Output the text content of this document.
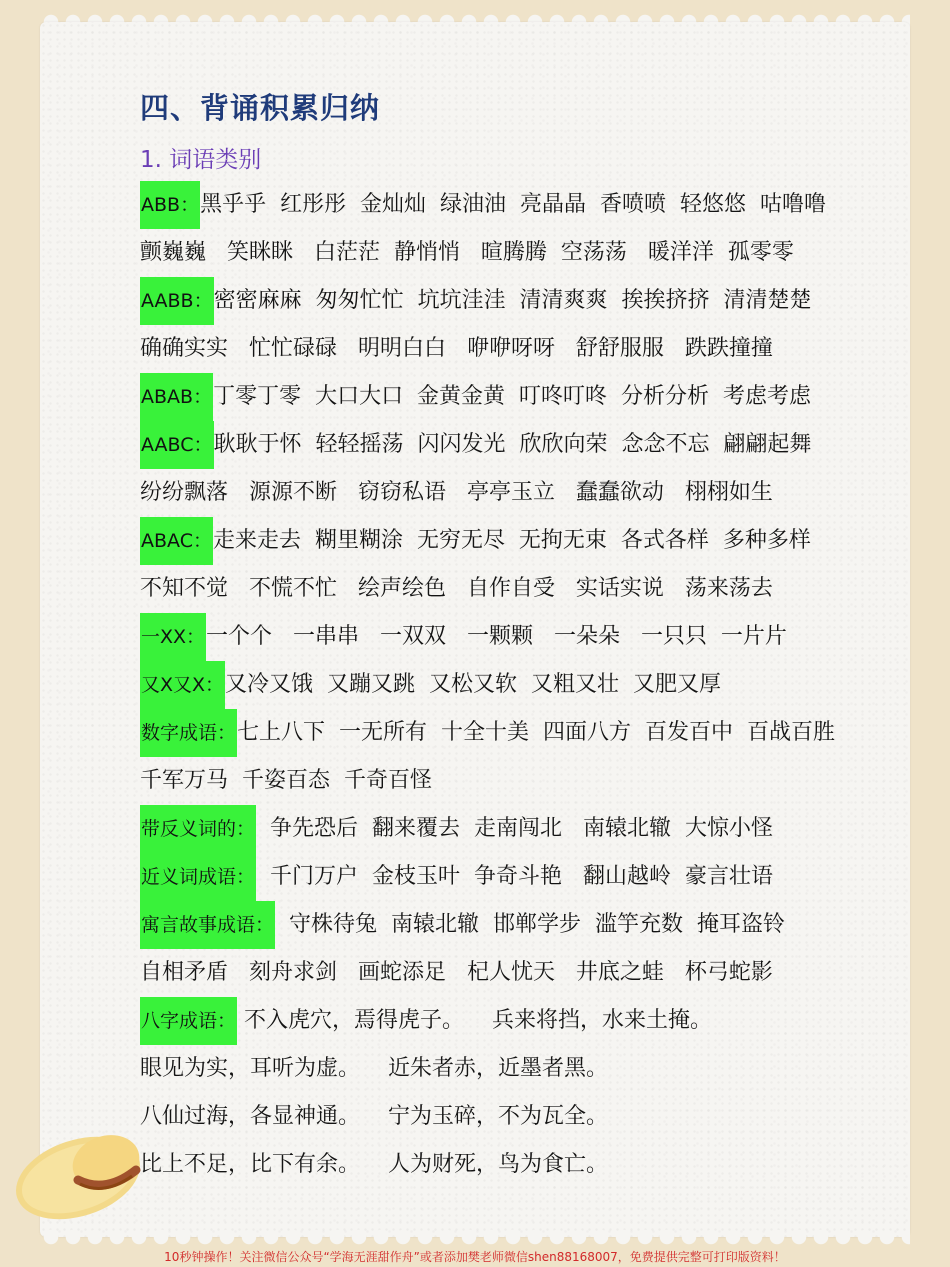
四、背诵积累归纳
1. 词语类别
ABB：黑乎乎  红彤彤  金灿灿  绿油油  亮晶晶  香喷喷  轻悠悠  咕噜噜
颤巍巍   笑眯眯   白茫茫  静悄悄   暄腾腾  空荡荡   暖洋洋  孤零零
AABB：密密麻麻  匆匆忙忙  坑坑洼洼  清清爽爽  挨挨挤挤  清清楚楚
确确实实   忙忙碌碌   明明白白   咿咿呀呀   舒舒服服   跌跌撞撞
ABAB：丁零丁零  大口大口  金黄金黄  叮咚叮咚  分析分析  考虑考虑
AABC：耿耿于怀  轻轻摇荡  闪闪发光  欣欣向荣  念念不忘  翩翩起舞
纷纷飘落   源源不断   窃窃私语   亭亭玉立   蠢蠢欲动   栩栩如生
ABAC：走来走去  糊里糊涂  无穷无尽  无拘无束  各式各样  多种多样
不知不觉   不慌不忙   绘声绘色   自作自受   实话实说   荡来荡去
一XX：一个个   一串串   一双双   一颗颗   一朵朵   一只只  一片片
又X又X：又冷又饿  又蹦又跳  又松又软  又粗又壮  又肥又厚
数字成语：七上八下  一无所有  十全十美  四面八方  百发百中  百战百胜
千军万马  千姿百态  千奇百怪
带反义词的：  争先恐后  翻来覆去  走南闯北   南辕北辙  大惊小怪
近义词成语：  千门万户  金枝玉叶  争奇斗艳   翻山越岭  豪言壮语
寓言故事成语：  守株待兔  南辕北辙  邯郸学步  滥竽充数  掩耳盗铃
自相矛盾   刻舟求剑   画蛇添足   杞人忧天   井底之蛙   杯弓蛇影
八字成语： 不入虎穴，焉得虎子。    兵来将挡，水来土掩。
眼见为实，耳听为虚。    近朱者赤，近墨者黑。
八仙过海，各显神通。    宁为玉碎，不为瓦全。
比上不足，比下有余。    人为财死，鸟为食亡。
10秒钟操作！关注微信公众号“学海无涯甜作舟”或者添加樊老师微信shen88168007，免费提供完整可打印版资料！
